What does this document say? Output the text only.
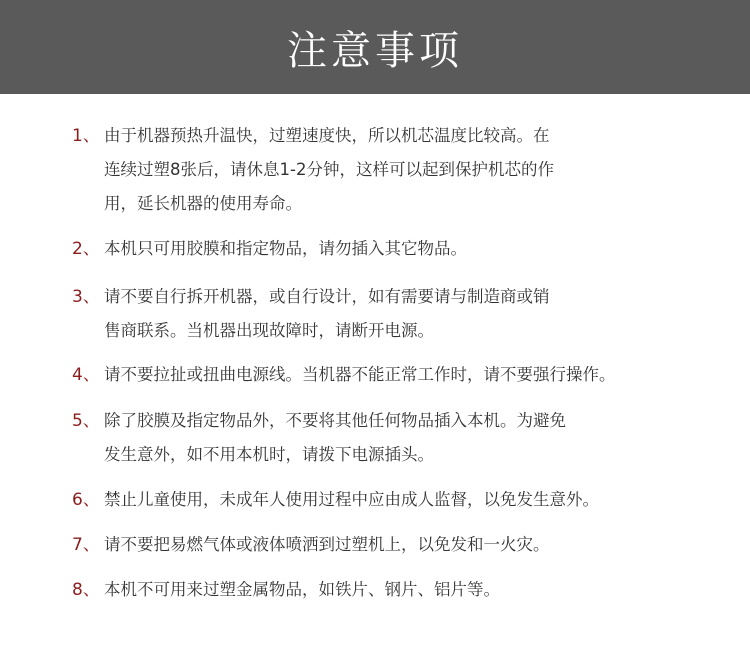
注意事项
1、 由于机器预热升温快，过塑速度快，所以机芯温度比较高。在
连续过塑8张后，请休息1-2分钟，这样可以起到保护机芯的作
用，延长机器的使用寿命。
2、 本机只可用胶膜和指定物品，请勿插入其它物品。
3、 请不要自行拆开机器，或自行设计，如有需要请与制造商或销
售商联系。当机器出现故障时，请断开电源。
4、 请不要拉扯或扭曲电源线。当机器不能正常工作时，请不要强行操作。
5、 除了胶膜及指定物品外，不要将其他任何物品插入本机。为避免
发生意外，如不用本机时，请拨下电源插头。
6、 禁止儿童使用，未成年人使用过程中应由成人监督，以免发生意外。
7、 请不要把易燃气体或液体喷洒到过塑机上，以免发和一火灾。
8、 本机不可用来过塑金属物品，如铁片、钢片、铝片等。
